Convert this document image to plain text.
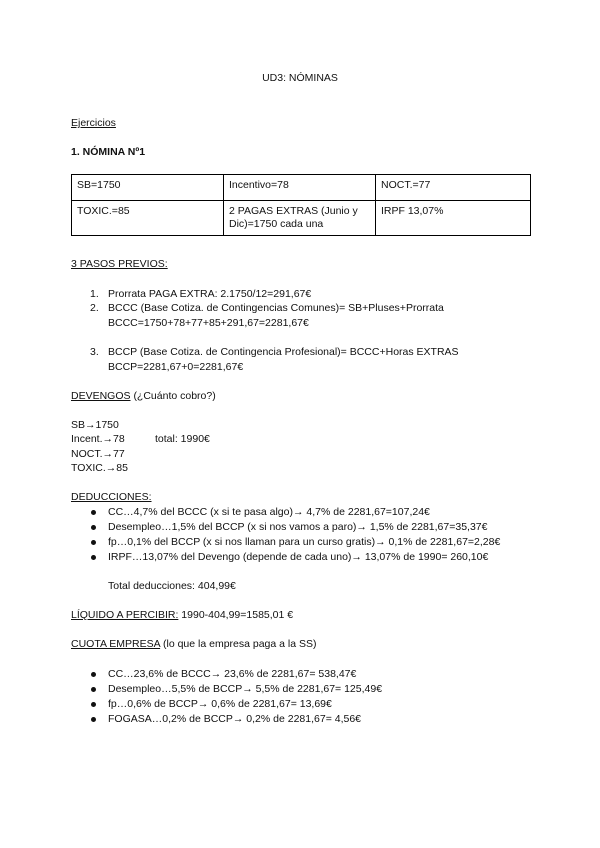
UD3: NÓMINAS
Ejercicios
1. NÓMINA Nº1
SB=1750	Incentivo=78	NOCT.=77
TOXIC.=85	2 PAGAS EXTRAS (Junio y Dic)=1750 cada una	IRPF 13,07%
3 PASOS PREVIOS:
1. Prorrata PAGA EXTRA: 2.1750/12=291,67€
2. BCCC (Base Cotiza. de Contingencias Comunes)= SB+Pluses+Prorrata
BCCC=1750+78+77+85+291,67=2281,67€
3. BCCP (Base Cotiza. de Contingencia Profesional)= BCCC+Horas EXTRAS
BCCP=2281,67+0=2281,67€
DEVENGOS (¿Cuánto cobro?)
SB→1750
Incent.→78	total: 1990€
NOCT.→77
TOXIC.→85
DEDUCCIONES:
CC…4,7% del BCCC (x si te pasa algo)→ 4,7% de 2281,67=107,24€
Desempleo…1,5% del BCCP (x si nos vamos a paro)→ 1,5% de 2281,67=35,37€
fp…0,1% del BCCP (x si nos llaman para un curso gratis)→ 0,1% de 2281,67=2,28€
IRPF…13,07% del Devengo (depende de cada uno)→ 13,07% de 1990= 260,10€
Total deducciones: 404,99€
LÍQUIDO A PERCIBIR: 1990-404,99=1585,01 €
CUOTA EMPRESA (lo que la empresa paga a la SS)
CC…23,6% de BCCC→ 23,6% de 2281,67= 538,47€
Desempleo…5,5% de BCCP→ 5,5% de 2281,67= 125,49€
fp…0,6% de BCCP→ 0,6% de 2281,67= 13,69€
FOGASA…0,2% de BCCP→ 0,2% de 2281,67= 4,56€
